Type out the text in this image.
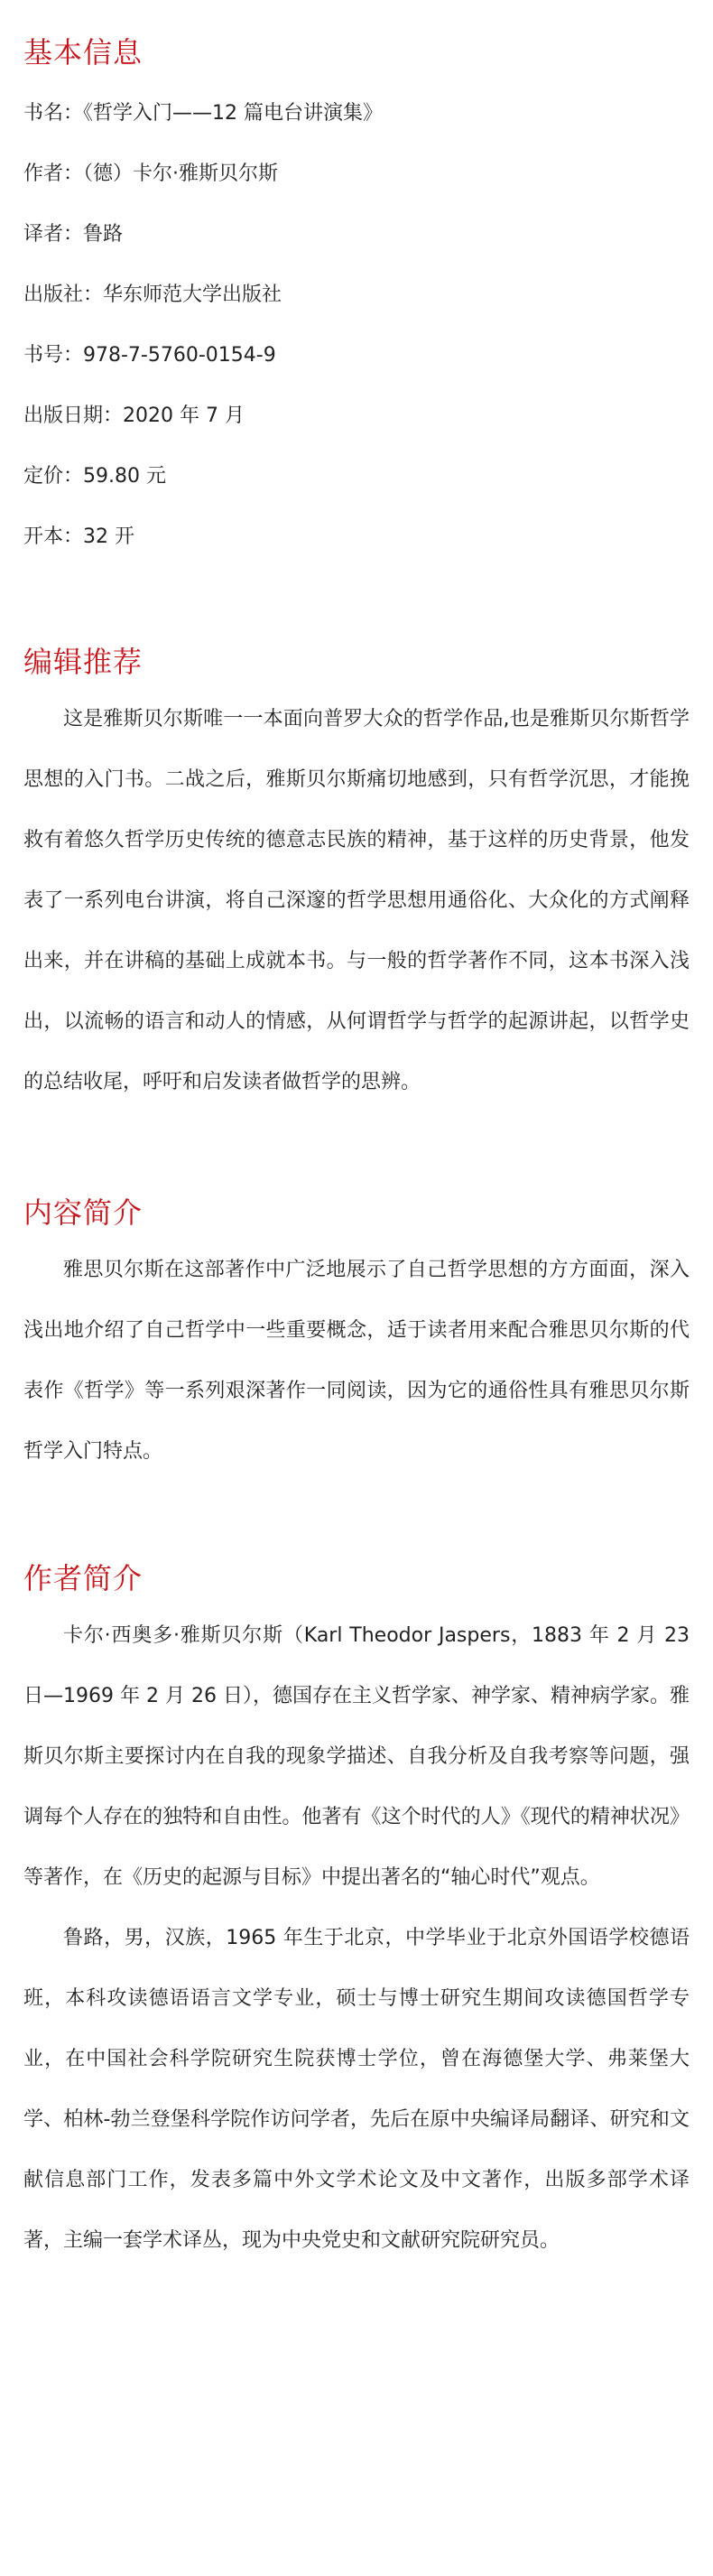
基本信息
书名：《哲学入门——12 篇电台讲演集》
作者：（德）卡尔·雅斯贝尔斯
译者：鲁路
出版社：华东师范大学出版社
书号：978-7-5760-0154-9
出版日期：2020 年 7 月
定价：59.80 元
开本：32 开
编辑推荐

这是雅斯贝尔斯唯一一本面向普罗大众的哲学作品,也是雅斯贝尔斯哲学思想的入门书。二战之后，雅斯贝尔斯痛切地感到，只有哲学沉思，才能挽救有着悠久哲学历史传统的德意志民族的精神，基于这样的历史背景，他发表了一系列电台讲演，将自己深邃的哲学思想用通俗化、大众化的方式阐释出来，并在讲稿的基础上成就本书。与一般的哲学著作不同，这本书深入浅出，以流畅的语言和动人的情感，从何谓哲学与哲学的起源讲起，以哲学史的总结收尾，呼吁和启发读者做哲学的思辨。

内容简介

雅思贝尔斯在这部著作中广泛地展示了自己哲学思想的方方面面，深入浅出地介绍了自己哲学中一些重要概念，适于读者用来配合雅思贝尔斯的代表作《哲学》等一系列艰深著作一同阅读，因为它的通俗性具有雅思贝尔斯哲学入门特点。

作者简介

卡尔·西奥多·雅斯贝尔斯（Karl Theodor Jaspers，1883 年 2 月 23 日—1969 年 2 月 26 日），德国存在主义哲学家、神学家、精神病学家。雅斯贝尔斯主要探讨内在自我的现象学描述、自我分析及自我考察等问题，强调每个人存在的独特和自由性。他著有《这个时代的人》《现代的精神状况》等著作，在《历史的起源与目标》中提出著名的“轴心时代”观点。

鲁路，男，汉族，1965 年生于北京，中学毕业于北京外国语学校德语班，本科攻读德语语言文学专业，硕士与博士研究生期间攻读德国哲学专业，在中国社会科学院研究生院获博士学位，曾在海德堡大学、弗莱堡大学、柏林-勃兰登堡科学院作访问学者，先后在原中央编译局翻译、研究和文献信息部门工作，发表多篇中外文学术论文及中文著作，出版多部学术译著，主编一套学术译丛，现为中央党史和文献研究院研究员。
